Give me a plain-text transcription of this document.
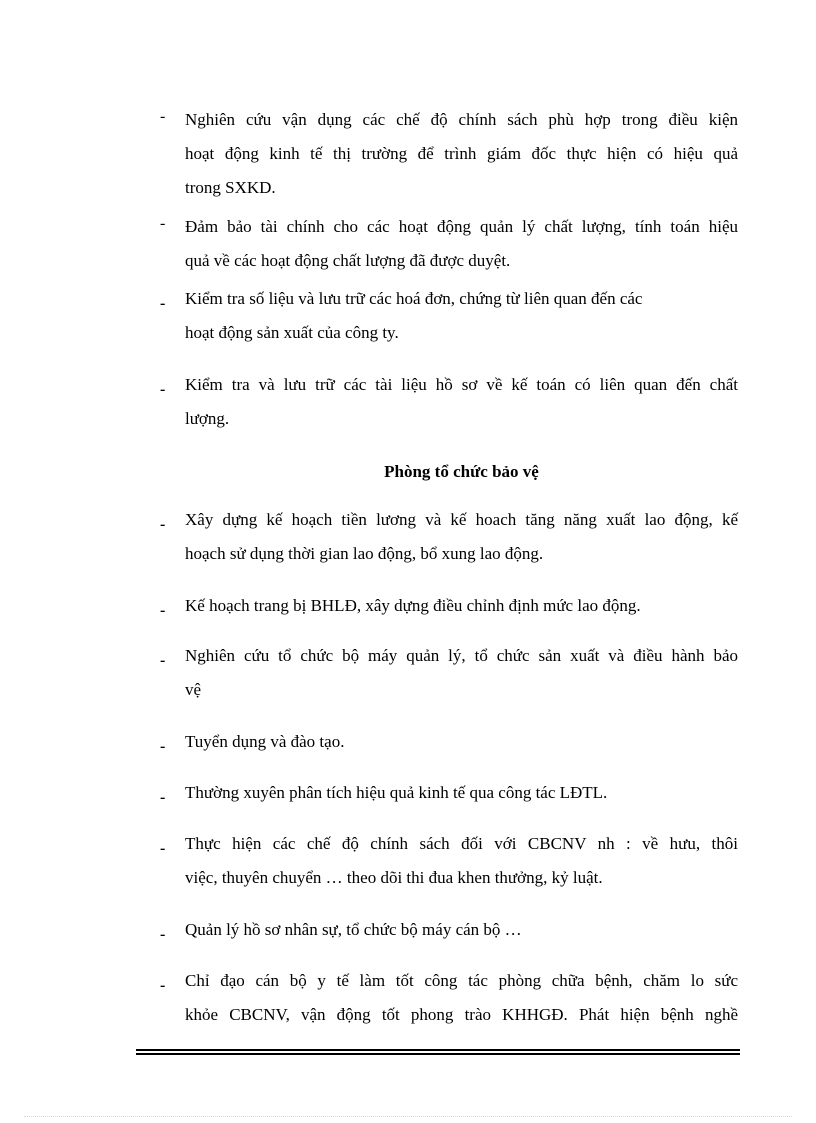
- Nghiên cứu vận dụng các chế độ chính sách phù hợp trong điều kiện
hoạt động kinh tế thị trường để trình giám đốc thực hiện có hiệu quả
trong SXKD.
- Đảm bảo tài chính cho các hoạt động quản lý chất lượng, tính toán hiệu
quả về các hoạt động chất lượng đã được duyệt.
- Kiểm tra số liệu và lưu trữ các hoá đơn, chứng từ liên quan đến các
hoạt động sản xuất của công ty.
- Kiểm tra và lưu trữ các tài liệu hồ sơ về kế toán có liên quan đến chất
lượng.
Phòng tổ chức bảo vệ
- Xây dựng kế hoạch tiền lương và kế hoach tăng năng xuất lao động, kế
hoạch sử dụng thời gian lao động, bổ xung lao động.
- Kế hoạch trang bị BHLĐ, xây dựng điều chỉnh định mức lao động.
- Nghiên cứu tổ chức bộ máy quản lý, tổ chức sản xuất và điều hành bảo
vệ
- Tuyển dụng và đào tạo.
- Thường xuyên phân tích hiệu quả kinh tế qua công tác LĐTL.
- Thực hiện các chế độ chính sách đối với CBCNV nh : về hưu, thôi
việc, thuyên chuyển … theo dõi thi đua khen thưởng, kỷ luật.
- Quản lý hồ sơ nhân sự, tổ chức bộ máy cán bộ …
- Chỉ đạo cán bộ y tế làm tốt công tác phòng chữa bệnh, chăm lo sức
khỏe CBCNV, vận động tốt phong trào KHHGĐ. Phát hiện bệnh nghề
